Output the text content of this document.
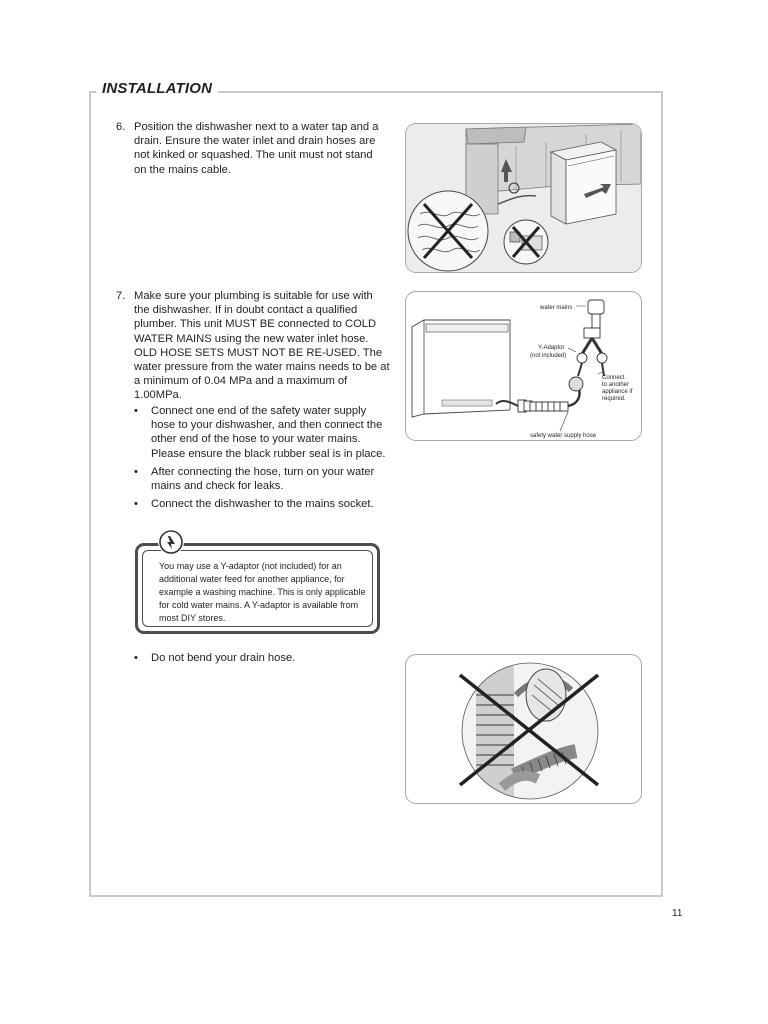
INSTALLATION
6. Position the dishwasher next to a water tap and a drain. Ensure the water inlet and drain hoses are not kinked or squashed. The unit must not stand on the mains cable.
7. Make sure your plumbing is suitable for use with the dishwasher. If in doubt contact a qualified plumber. This unit MUST BE connected to COLD WATER MAINS using the new water inlet hose. OLD HOSE SETS MUST NOT BE RE-USED. The water pressure from the water mains needs to be at a minimum of 0.04 MPa and a maximum of 1.00MPa.
• Connect one end of the safety water supply hose to your dishwasher, and then connect the other end of the hose to your water mains. Please ensure the black rubber seal is in place.
• After connecting the hose, turn on your water mains and check for leaks.
• Connect the dishwasher to the mains socket.
water mains
Y-Adaptor
(not included)
Connect
to another
appliance if
required.
safety water supply hose
You may use a Y-adaptor (not included) for an additional water feed for another appliance, for example a washing machine. This is only applicable for cold water mains. A Y-adaptor is available from most DIY stores.
• Do not bend your drain hose.
11
